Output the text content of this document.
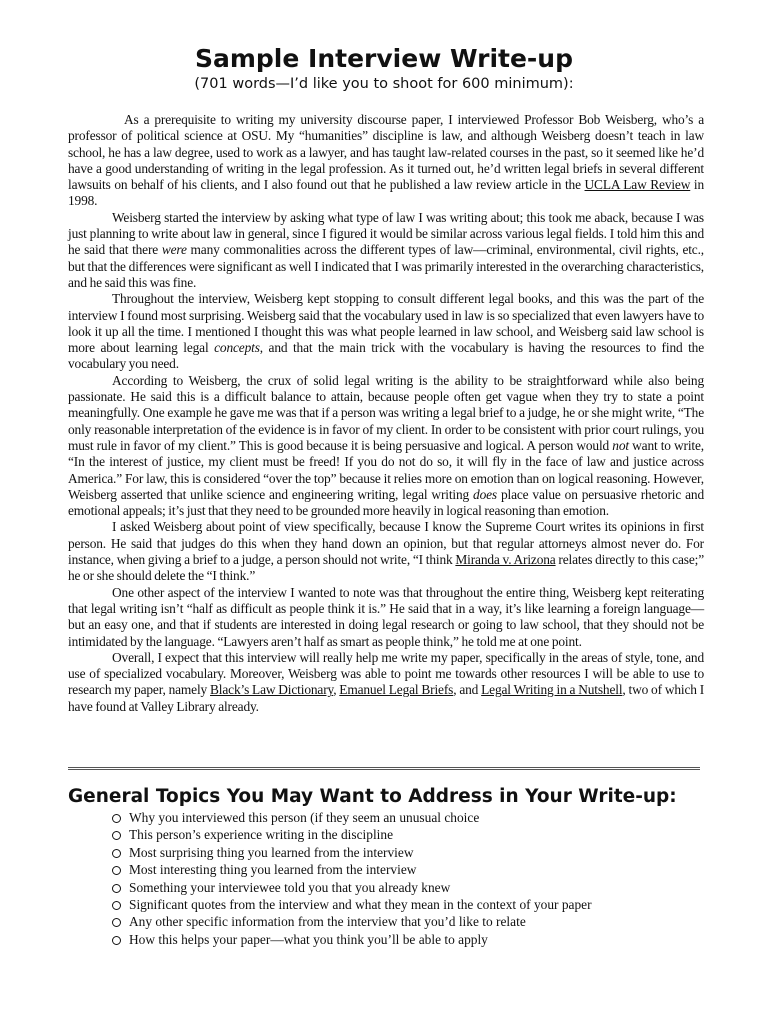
Sample Interview Write-up

(701 words—I’d like you to shoot for 600 minimum):

As a prerequisite to writing my university discourse paper, I interviewed Professor Bob Weisberg, who’s a professor of political science at OSU. My “humanities” discipline is law, and although Weisberg doesn’t teach in law school, he has a law degree, used to work as a lawyer, and has taught law-related courses in the past, so it seemed like he’d have a good understanding of writing in the legal profession. As it turned out, he’d written legal briefs in several different lawsuits on behalf of his clients, and I also found out that he published a law review article in the UCLA Law Review in 1998.

Weisberg started the interview by asking what type of law I was writing about; this took me aback, because I was just planning to write about law in general, since I figured it would be similar across various legal fields. I told him this and he said that there were many commonalities across the different types of law—criminal, environmental, civil rights, etc., but that the differences were significant as well I indicated that I was primarily interested in the overarching characteristics, and he said this was fine.

Throughout the interview, Weisberg kept stopping to consult different legal books, and this was the part of the interview I found most surprising. Weisberg said that the vocabulary used in law is so specialized that even lawyers have to look it up all the time. I mentioned I thought this was what people learned in law school, and Weisberg said law school is more about learning legal concepts, and that the main trick with the vocabulary is having the resources to find the vocabulary you need.

According to Weisberg, the crux of solid legal writing is the ability to be straightforward while also being passionate. He said this is a difficult balance to attain, because people often get vague when they try to state a point meaningfully. One example he gave me was that if a person was writing a legal brief to a judge, he or she might write, “The only reasonable interpretation of the evidence is in favor of my client. In order to be consistent with prior court rulings, you must rule in favor of my client.” This is good because it is being persuasive and logical. A person would not want to write, “In the interest of justice, my client must be freed! If you do not do so, it will fly in the face of law and justice across America.” For law, this is considered “over the top” because it relies more on emotion than on logical reasoning. However, Weisberg asserted that unlike science and engineering writing, legal writing does place value on persuasive rhetoric and emotional appeals; it’s just that they need to be grounded more heavily in logical reasoning than emotion.

I asked Weisberg about point of view specifically, because I know the Supreme Court writes its opinions in first person. He said that judges do this when they hand down an opinion, but that regular attorneys almost never do. For instance, when giving a brief to a judge, a person should not write, “I think Miranda v. Arizona relates directly to this case;” he or she should delete the “I think.”

One other aspect of the interview I wanted to note was that throughout the entire thing, Weisberg kept reiterating that legal writing isn’t “half as difficult as people think it is.” He said that in a way, it’s like learning a foreign language—but an easy one, and that if students are interested in doing legal research or going to law school, that they should not be intimidated by the language. “Lawyers aren’t half as smart as people think,” he told me at one point.

Overall, I expect that this interview will really help me write my paper, specifically in the areas of style, tone, and use of specialized vocabulary. Moreover, Weisberg was able to point me towards other resources I will be able to use to research my paper, namely Black’s Law Dictionary, Emanuel Legal Briefs, and Legal Writing in a Nutshell, two of which I have found at Valley Library already.

General Topics You May Want to Address in Your Write-up:
Why you interviewed this person (if they seem an unusual choice
This person’s experience writing in the discipline
Most surprising thing you learned from the interview
Most interesting thing you learned from the interview
Something your interviewee told you that you already knew
Significant quotes from the interview and what they mean in the context of your paper
Any other specific information from the interview that you’d like to relate
How this helps your paper—what you think you’ll be able to apply
